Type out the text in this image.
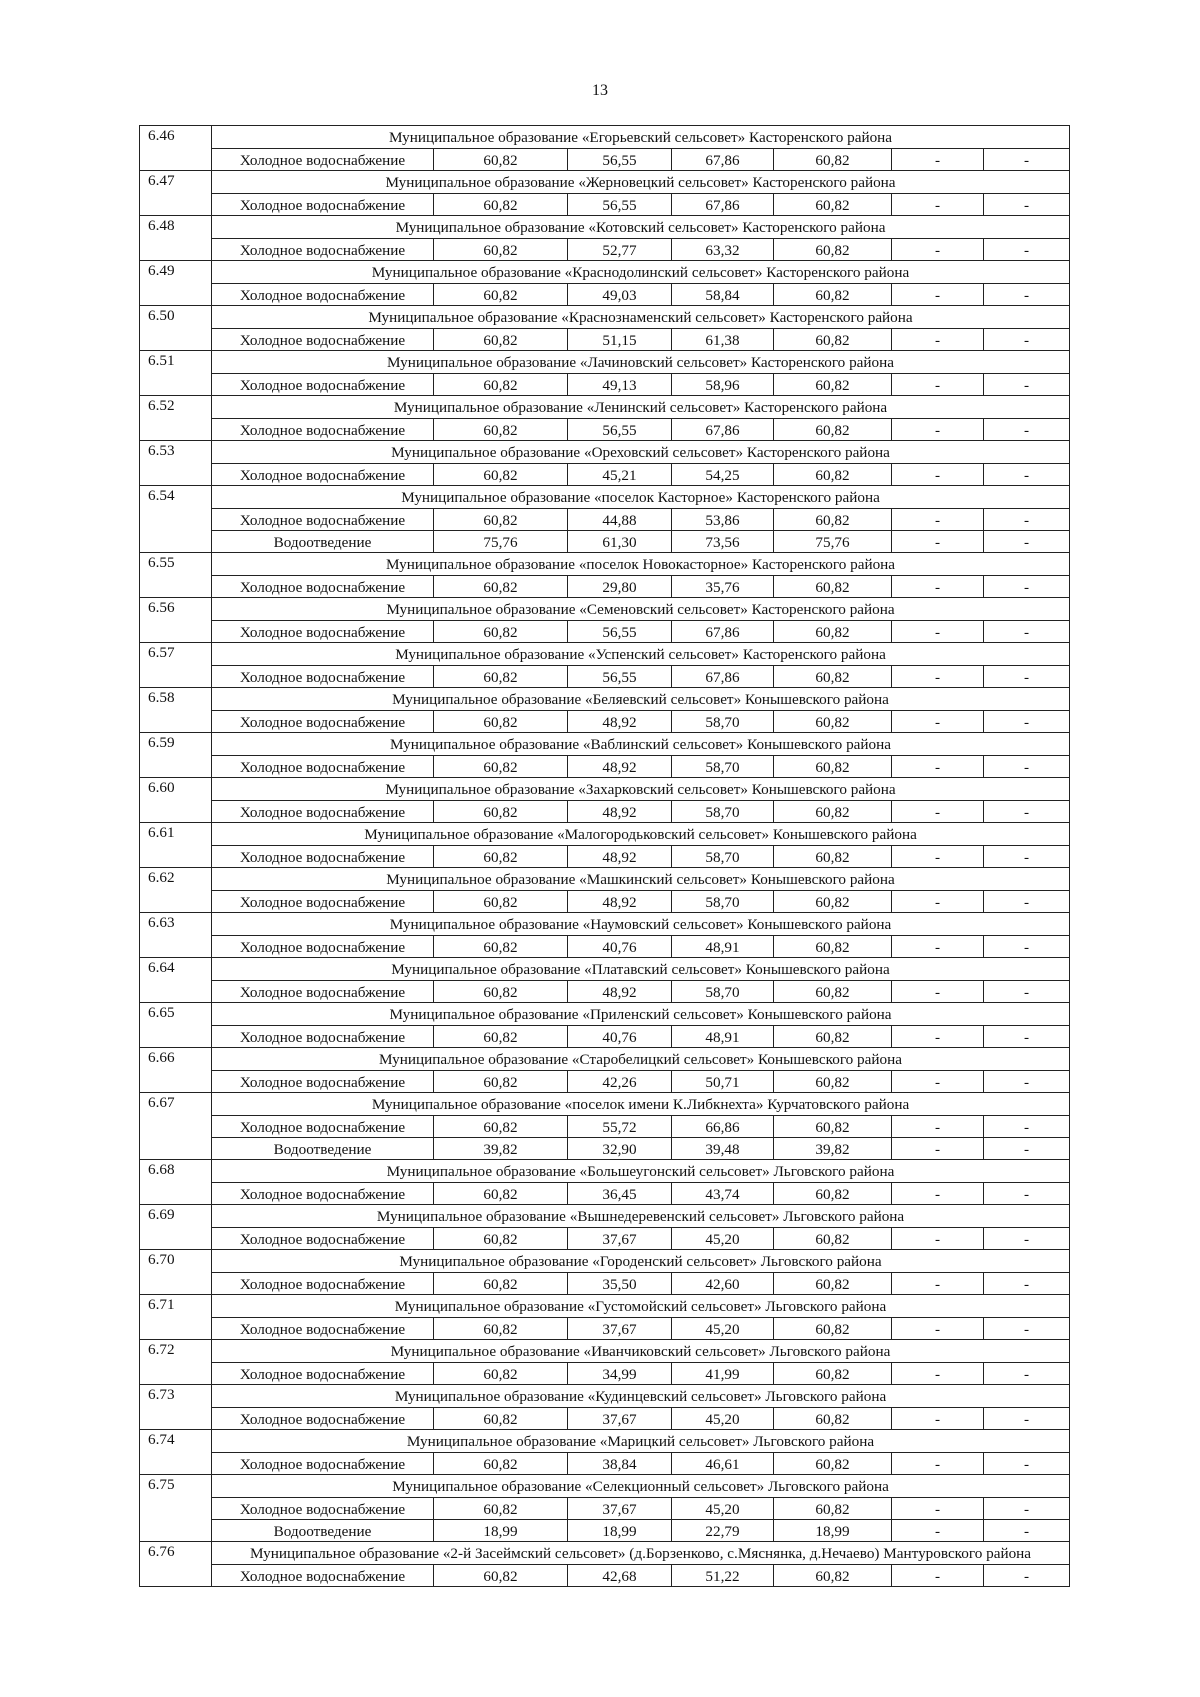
13
6.46	Муниципальное образование «Егорьевский сельсовет» Касторенского района						
	Холодное водоснабжение	60,82	56,55	67,86	60,82	-	-
6.47	Муниципальное образование «Жерновецкий сельсовет» Касторенского района						
	Холодное водоснабжение	60,82	56,55	67,86	60,82	-	-
6.48	Муниципальное образование «Котовский сельсовет» Касторенского района						
	Холодное водоснабжение	60,82	52,77	63,32	60,82	-	-
6.49	Муниципальное образование «Краснодолинский сельсовет» Касторенского района						
	Холодное водоснабжение	60,82	49,03	58,84	60,82	-	-
6.50	Муниципальное образование «Краснознаменский сельсовет» Касторенского района						
	Холодное водоснабжение	60,82	51,15	61,38	60,82	-	-
6.51	Муниципальное образование «Лачиновский сельсовет» Касторенского района						
	Холодное водоснабжение	60,82	49,13	58,96	60,82	-	-
6.52	Муниципальное образование «Ленинский сельсовет» Касторенского района						
	Холодное водоснабжение	60,82	56,55	67,86	60,82	-	-
6.53	Муниципальное образование «Ореховский сельсовет» Касторенского района						
	Холодное водоснабжение	60,82	45,21	54,25	60,82	-	-
6.54	Муниципальное образование «поселок Касторное» Касторенского района						
	Холодное водоснабжение	60,82	44,88	53,86	60,82	-	-
	Водоотведение	75,76	61,30	73,56	75,76	-	-
6.55	Муниципальное образование «поселок Новокасторное» Касторенского района						
	Холодное водоснабжение	60,82	29,80	35,76	60,82	-	-
6.56	Муниципальное образование «Семеновский сельсовет» Касторенского района						
	Холодное водоснабжение	60,82	56,55	67,86	60,82	-	-
6.57	Муниципальное образование «Успенский сельсовет» Касторенского района						
	Холодное водоснабжение	60,82	56,55	67,86	60,82	-	-
6.58	Муниципальное образование «Беляевский сельсовет» Конышевского района						
	Холодное водоснабжение	60,82	48,92	58,70	60,82	-	-
6.59	Муниципальное образование «Ваблинский сельсовет» Конышевского района						
	Холодное водоснабжение	60,82	48,92	58,70	60,82	-	-
6.60	Муниципальное образование «Захарковский сельсовет» Конышевского района						
	Холодное водоснабжение	60,82	48,92	58,70	60,82	-	-
6.61	Муниципальное образование «Малогородьковский сельсовет» Конышевского района						
	Холодное водоснабжение	60,82	48,92	58,70	60,82	-	-
6.62	Муниципальное образование «Машкинский сельсовет» Конышевского района						
	Холодное водоснабжение	60,82	48,92	58,70	60,82	-	-
6.63	Муниципальное образование «Наумовский сельсовет» Конышевского района						
	Холодное водоснабжение	60,82	40,76	48,91	60,82	-	-
6.64	Муниципальное образование «Платавский сельсовет» Конышевского района						
	Холодное водоснабжение	60,82	48,92	58,70	60,82	-	-
6.65	Муниципальное образование «Приленский сельсовет» Конышевского района						
	Холодное водоснабжение	60,82	40,76	48,91	60,82	-	-
6.66	Муниципальное образование «Старобелицкий сельсовет» Конышевского района						
	Холодное водоснабжение	60,82	42,26	50,71	60,82	-	-
6.67	Муниципальное образование «поселок имени К.Либкнехта» Курчатовского района						
	Холодное водоснабжение	60,82	55,72	66,86	60,82	-	-
	Водоотведение	39,82	32,90	39,48	39,82	-	-
6.68	Муниципальное образование «Большеугонский сельсовет» Льговского района						
	Холодное водоснабжение	60,82	36,45	43,74	60,82	-	-
6.69	Муниципальное образование «Вышнедеревенский сельсовет» Льговского района						
	Холодное водоснабжение	60,82	37,67	45,20	60,82	-	-
6.70	Муниципальное образование «Городенский сельсовет» Льговского района						
	Холодное водоснабжение	60,82	35,50	42,60	60,82	-	-
6.71	Муниципальное образование «Густомойский сельсовет» Льговского района						
	Холодное водоснабжение	60,82	37,67	45,20	60,82	-	-
6.72	Муниципальное образование «Иванчиковский сельсовет» Льговского района						
	Холодное водоснабжение	60,82	34,99	41,99	60,82	-	-
6.73	Муниципальное образование «Кудинцевский сельсовет» Льговского района						
	Холодное водоснабжение	60,82	37,67	45,20	60,82	-	-
6.74	Муниципальное образование «Марицкий сельсовет» Льговского района						
	Холодное водоснабжение	60,82	38,84	46,61	60,82	-	-
6.75	Муниципальное образование «Селекционный сельсовет» Льговского района						
	Холодное водоснабжение	60,82	37,67	45,20	60,82	-	-
	Водоотведение	18,99	18,99	22,79	18,99	-	-
6.76	Муниципальное образование «2-й Засеймский сельсовет» (д.Борзенково, с.Мяснянка, д.Нечаево) Мантуровского района						
	Холодное водоснабжение	60,82	42,68	51,22	60,82	-	-
